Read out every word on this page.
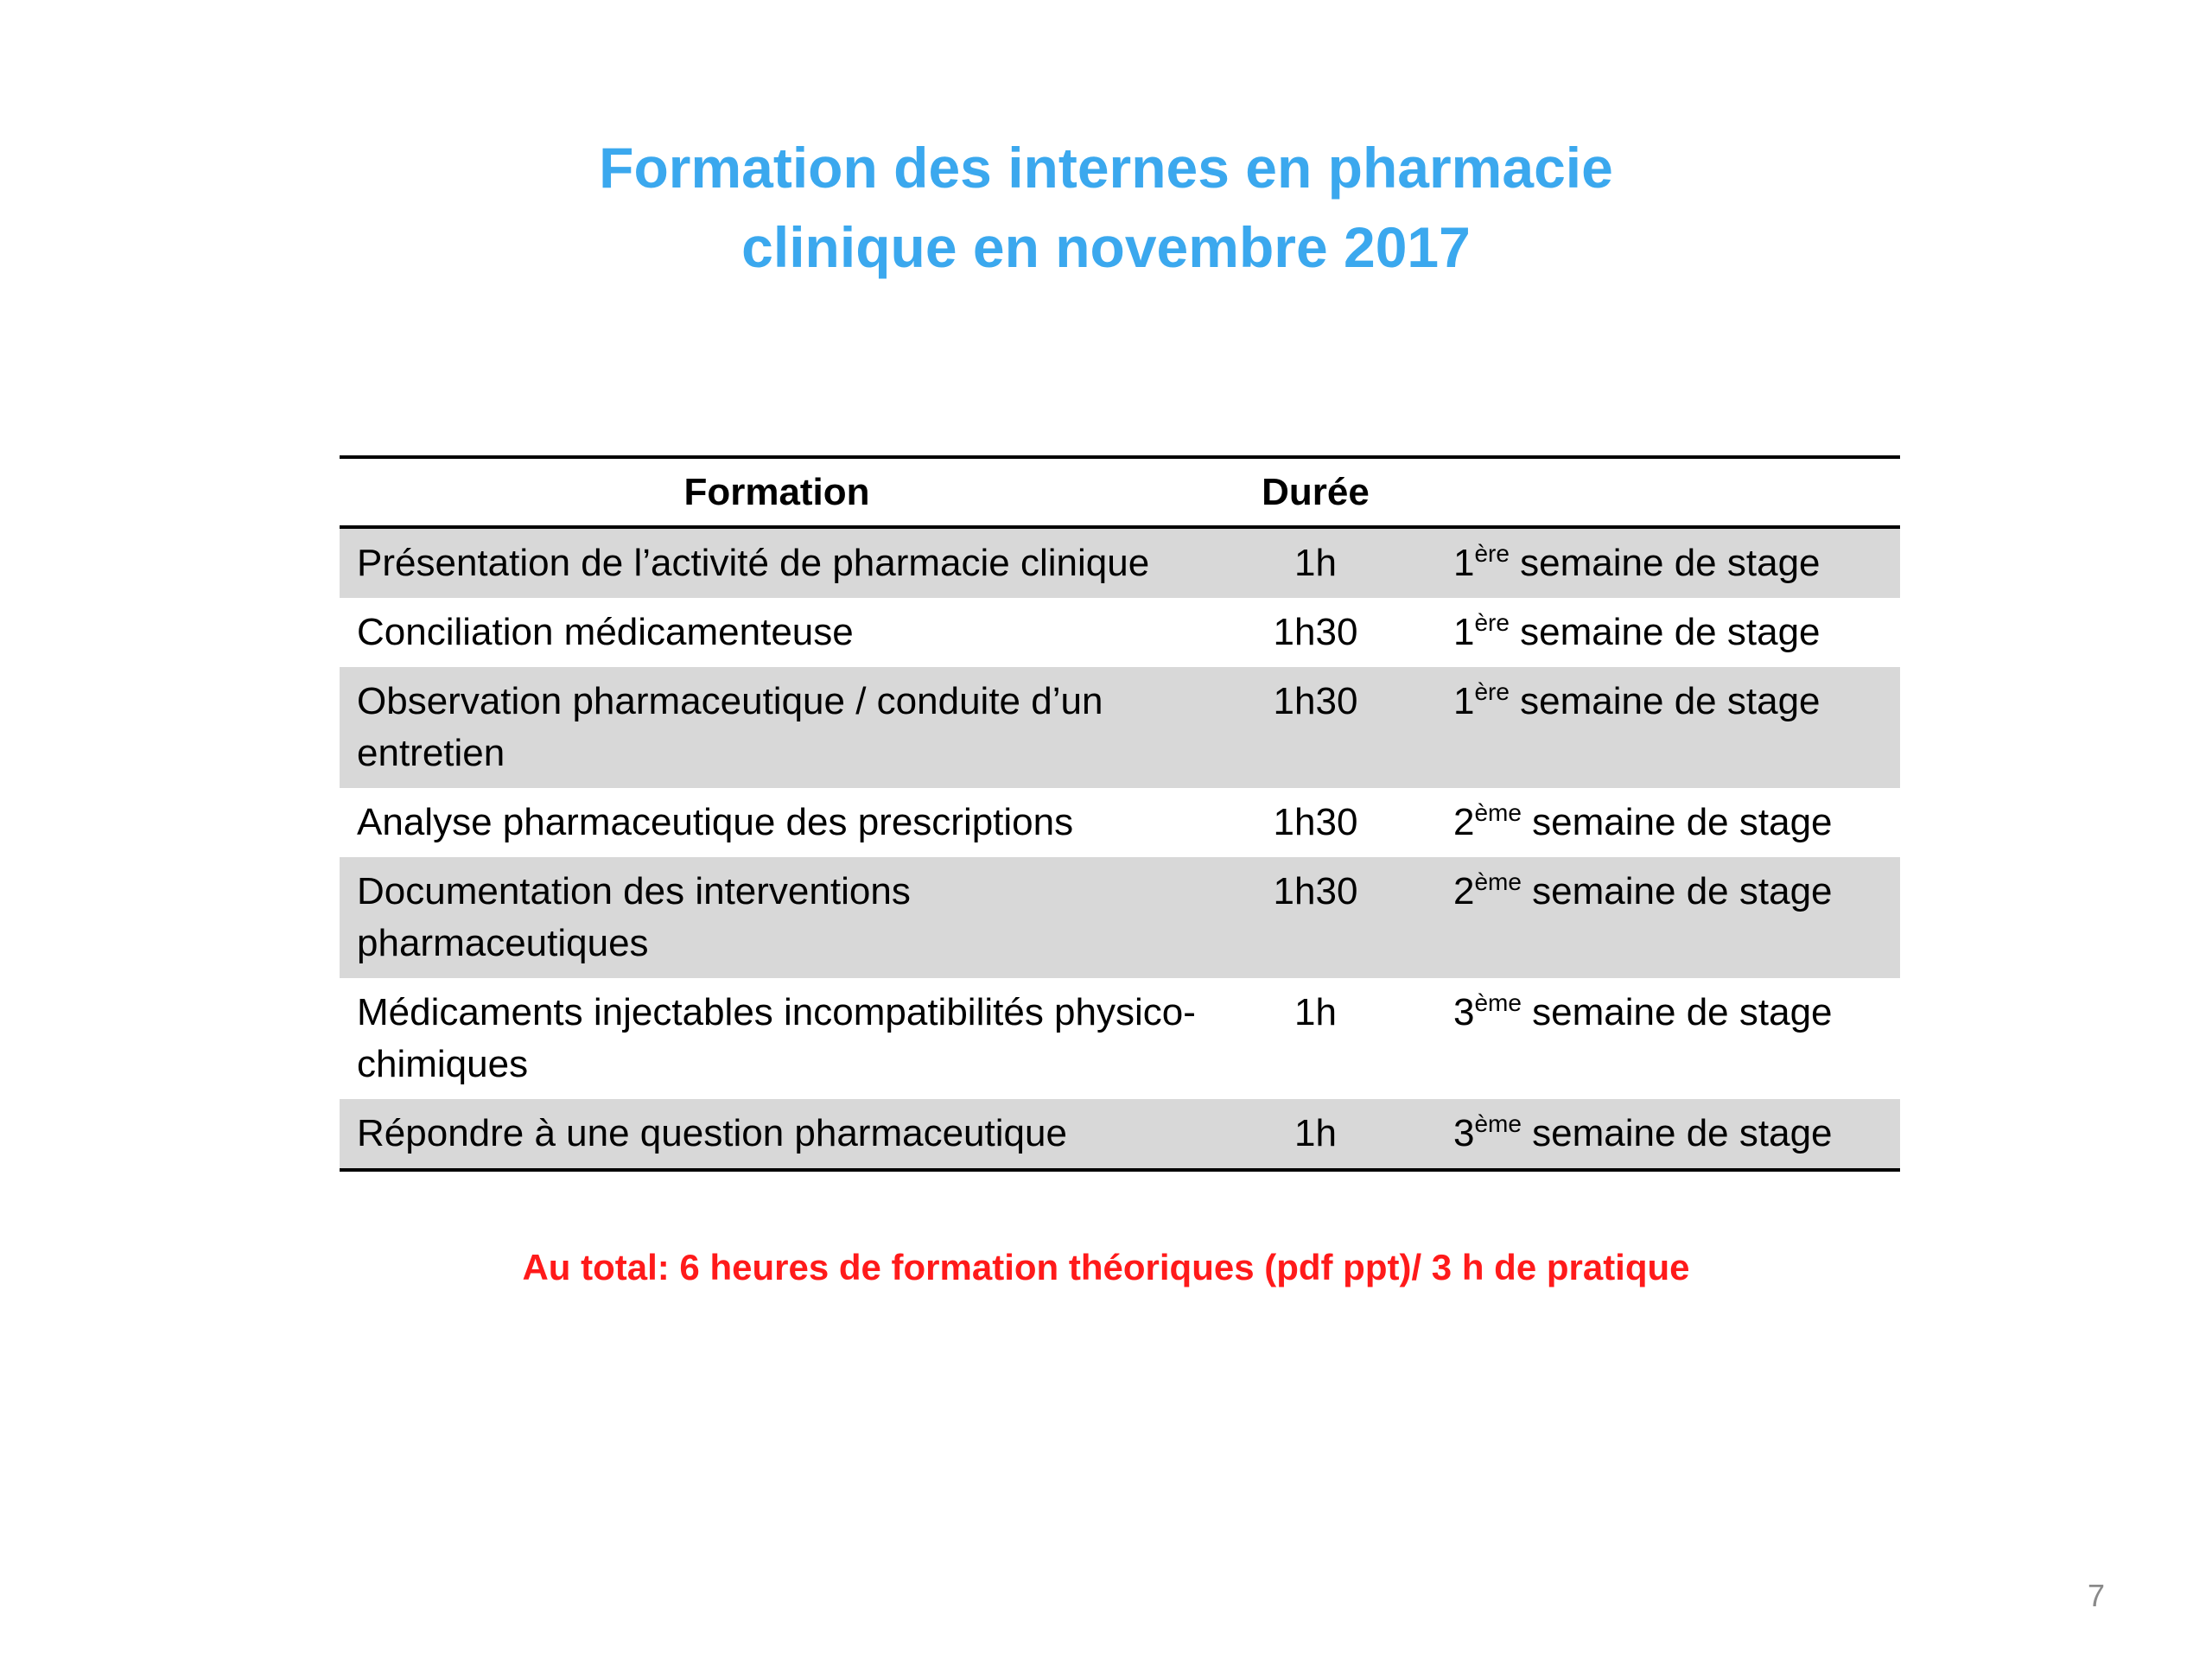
Formation des internes en pharmacie
clinique en novembre 2017
Formation	Durée	
Présentation de l’activité de pharmacie clinique	1h	1ère semaine de stage
Conciliation médicamenteuse	1h30	1ère semaine de stage
Observation pharmaceutique / conduite d’un entretien	1h30	1ère semaine de stage
Analyse pharmaceutique des prescriptions	1h30	2ème semaine de stage
Documentation des interventions pharmaceutiques	1h30	2ème semaine de stage
Médicaments injectables incompatibilités physico-chimiques	1h	3ème semaine de stage
Répondre à une question pharmaceutique	1h	3ème semaine de stage
Au total: 6 heures de formation théoriques (pdf ppt)/ 3 h de pratique
7
